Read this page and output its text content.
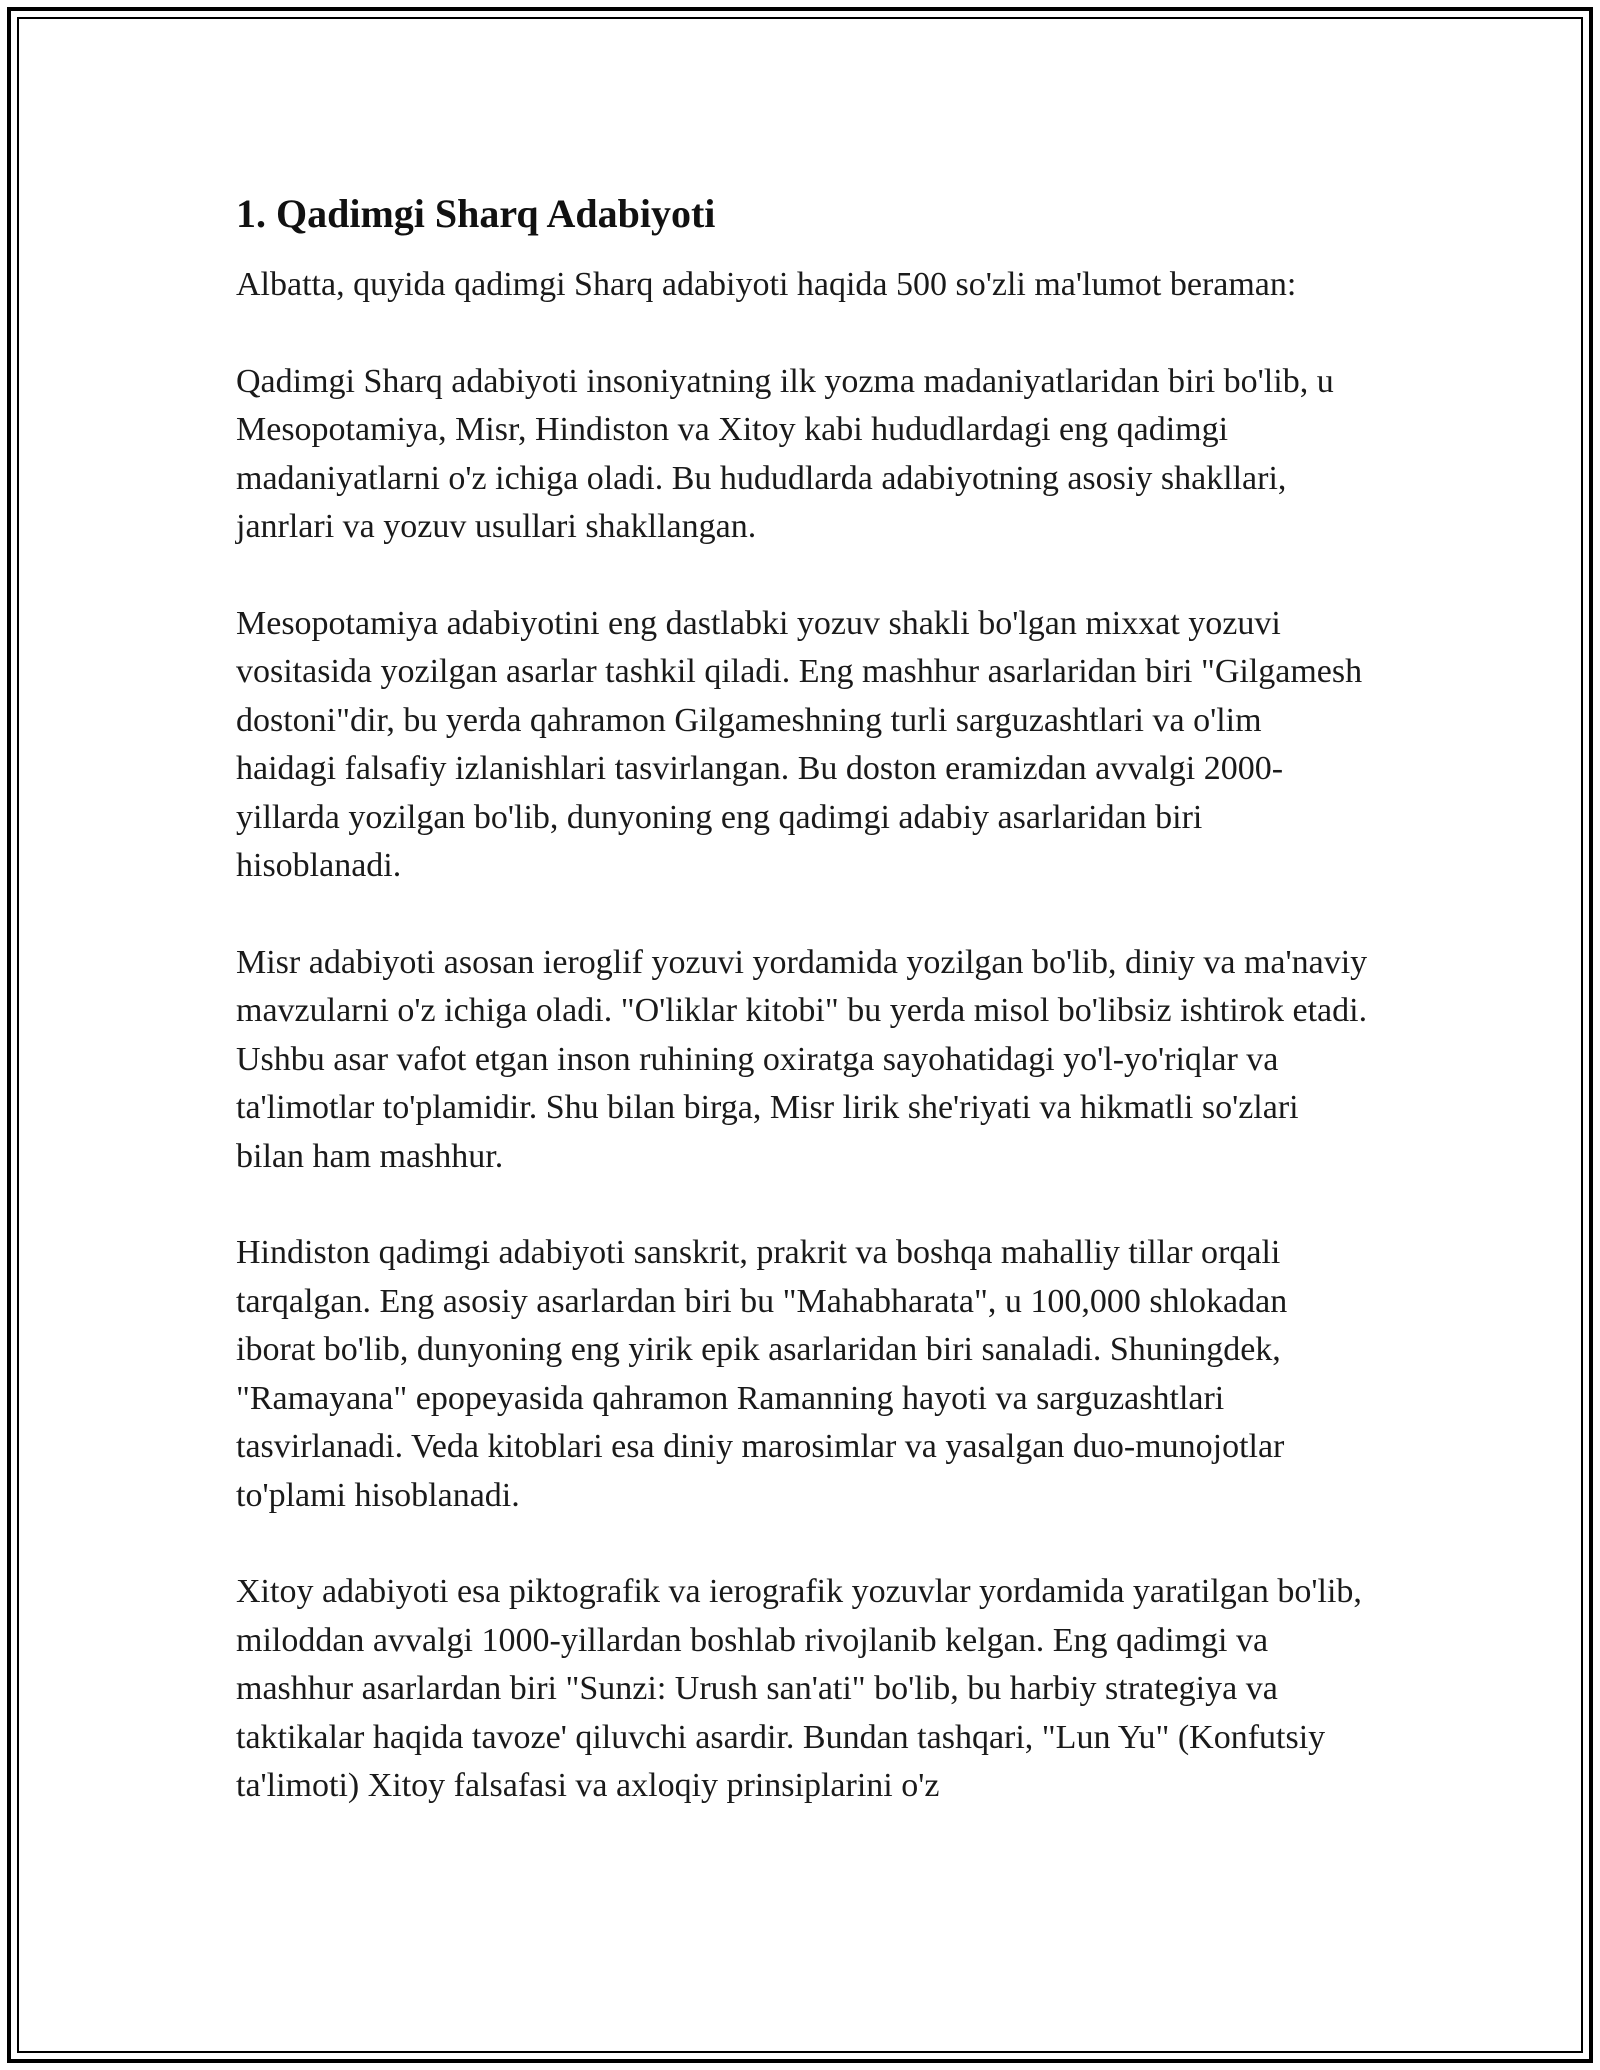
1. Qadimgi Sharq Adabiyoti

Albatta, quyida qadimgi Sharq adabiyoti haqida 500 so'zli ma'lumot beraman:

Qadimgi Sharq adabiyoti insoniyatning ilk yozma madaniyatlaridan biri bo'lib, u Mesopotamiya, Misr, Hindiston va Xitoy kabi hududlardagi eng qadimgi madaniyatlarni o'z ichiga oladi. Bu hududlarda adabiyotning asosiy shakllari, janrlari va yozuv usullari shakllangan.

Mesopotamiya adabiyotini eng dastlabki yozuv shakli bo'lgan mixxat yozuvi vositasida yozilgan asarlar tashkil qiladi. Eng mashhur asarlaridan biri "Gilgamesh dostoni"dir, bu yerda qahramon Gilgameshning turli sarguzashtlari va o'lim haidagi falsafiy izlanishlari tasvirlangan. Bu doston eramizdan avvalgi 2000-yillarda yozilgan bo'lib, dunyoning eng qadimgi adabiy asarlaridan biri hisoblanadi.

Misr adabiyoti asosan ieroglif yozuvi yordamida yozilgan bo'lib, diniy va ma'naviy mavzularni o'z ichiga oladi. "O'liklar kitobi" bu yerda misol bo'libsiz ishtirok etadi. Ushbu asar vafot etgan inson ruhining oxiratga sayohatidagi yo'l-yo'riqlar va ta'limotlar to'plamidir. Shu bilan birga, Misr lirik she'riyati va hikmatli so'zlari bilan ham mashhur.

Hindiston qadimgi adabiyoti sanskrit, prakrit va boshqa mahalliy tillar orqali tarqalgan. Eng asosiy asarlardan biri bu "Mahabharata", u 100,000 shlokadan iborat bo'lib, dunyoning eng yirik epik asarlaridan biri sanaladi. Shuningdek, "Ramayana" epopeyasida qahramon Ramanning hayoti va sarguzashtlari tasvirlanadi. Veda kitoblari esa diniy marosimlar va yasalgan duo-munojotlar to'plami hisoblanadi.

Xitoy adabiyoti esa piktografik va ierografik yozuvlar yordamida yaratilgan bo'lib, miloddan avvalgi 1000-yillardan boshlab rivojlanib kelgan. Eng qadimgi va mashhur asarlardan biri "Sunzi: Urush san'ati" bo'lib, bu harbiy strategiya va taktikalar haqida tavoze' qiluvchi asardir. Bundan tashqari, "Lun Yu" (Konfutsiy ta'limoti) Xitoy falsafasi va axloqiy prinsiplarini o'z
